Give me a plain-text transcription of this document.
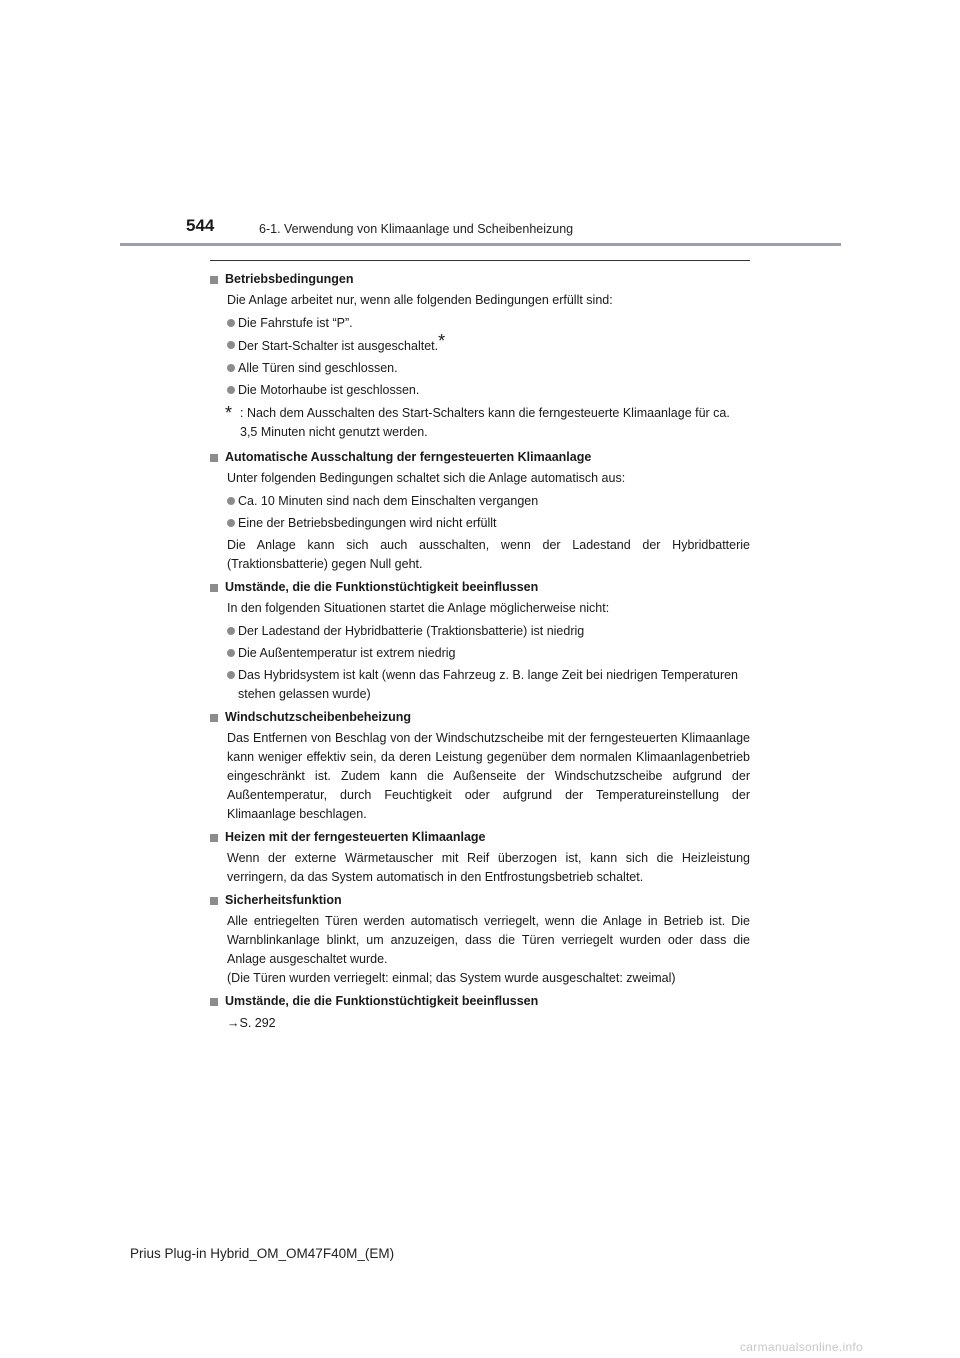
544	6-1. Verwendung von Klimaanlage und Scheibenheizung
Betriebsbedingungen

Die Anlage arbeitet nur, wenn alle folgenden Bedingungen erfüllt sind:

Die Fahrstufe ist “P”.
Der Start-Schalter ist ausgeschaltet.*
Alle Türen sind geschlossen.
Die Motorhaube ist geschlossen.
* : Nach dem Ausschalten des Start-Schalters kann die ferngesteuerte Klimaanlage für ca. 3,5 Minuten nicht genutzt werden.
Automatische Ausschaltung der ferngesteuerten Klimaanlage

Unter folgenden Bedingungen schaltet sich die Anlage automatisch aus:

Ca. 10 Minuten sind nach dem Einschalten vergangen
Eine der Betriebsbedingungen wird nicht erfüllt

Die Anlage kann sich auch ausschalten, wenn der Ladestand der Hybridbatterie (Traktionsbatterie) gegen Null geht.

Umstände, die die Funktionstüchtigkeit beeinflussen

In den folgenden Situationen startet die Anlage möglicherweise nicht:

Der Ladestand der Hybridbatterie (Traktionsbatterie) ist niedrig
Die Außentemperatur ist extrem niedrig
Das Hybridsystem ist kalt (wenn das Fahrzeug z. B. lange Zeit bei niedrigen Temperaturen stehen gelassen wurde)
Windschutzscheibenbeheizung

Das Entfernen von Beschlag von der Windschutzscheibe mit der ferngesteuerten Klimaanlage kann weniger effektiv sein, da deren Leistung gegenüber dem normalen Klimaanlagenbetrieb eingeschränkt ist. Zudem kann die Außenseite der Windschutzscheibe aufgrund der Außentemperatur, durch Feuchtigkeit oder aufgrund der Temperatureinstellung der Klimaanlage beschlagen.

Heizen mit der ferngesteuerten Klimaanlage

Wenn der externe Wärmetauscher mit Reif überzogen ist, kann sich die Heizleistung verringern, da das System automatisch in den Entfrostungsbetrieb schaltet.

Sicherheitsfunktion

Alle entriegelten Türen werden automatisch verriegelt, wenn die Anlage in Betrieb ist. Die Warnblinkanlage blinkt, um anzuzeigen, dass die Türen verriegelt wurden oder dass die Anlage ausgeschaltet wurde.

(Die Türen wurden verriegelt: einmal; das System wurde ausgeschaltet: zweimal)

Umstände, die die Funktionstüchtigkeit beeinflussen
→S. 292
Prius Plug-in Hybrid_OM_OM47F40M_(EM)
carmanualsonline.info
